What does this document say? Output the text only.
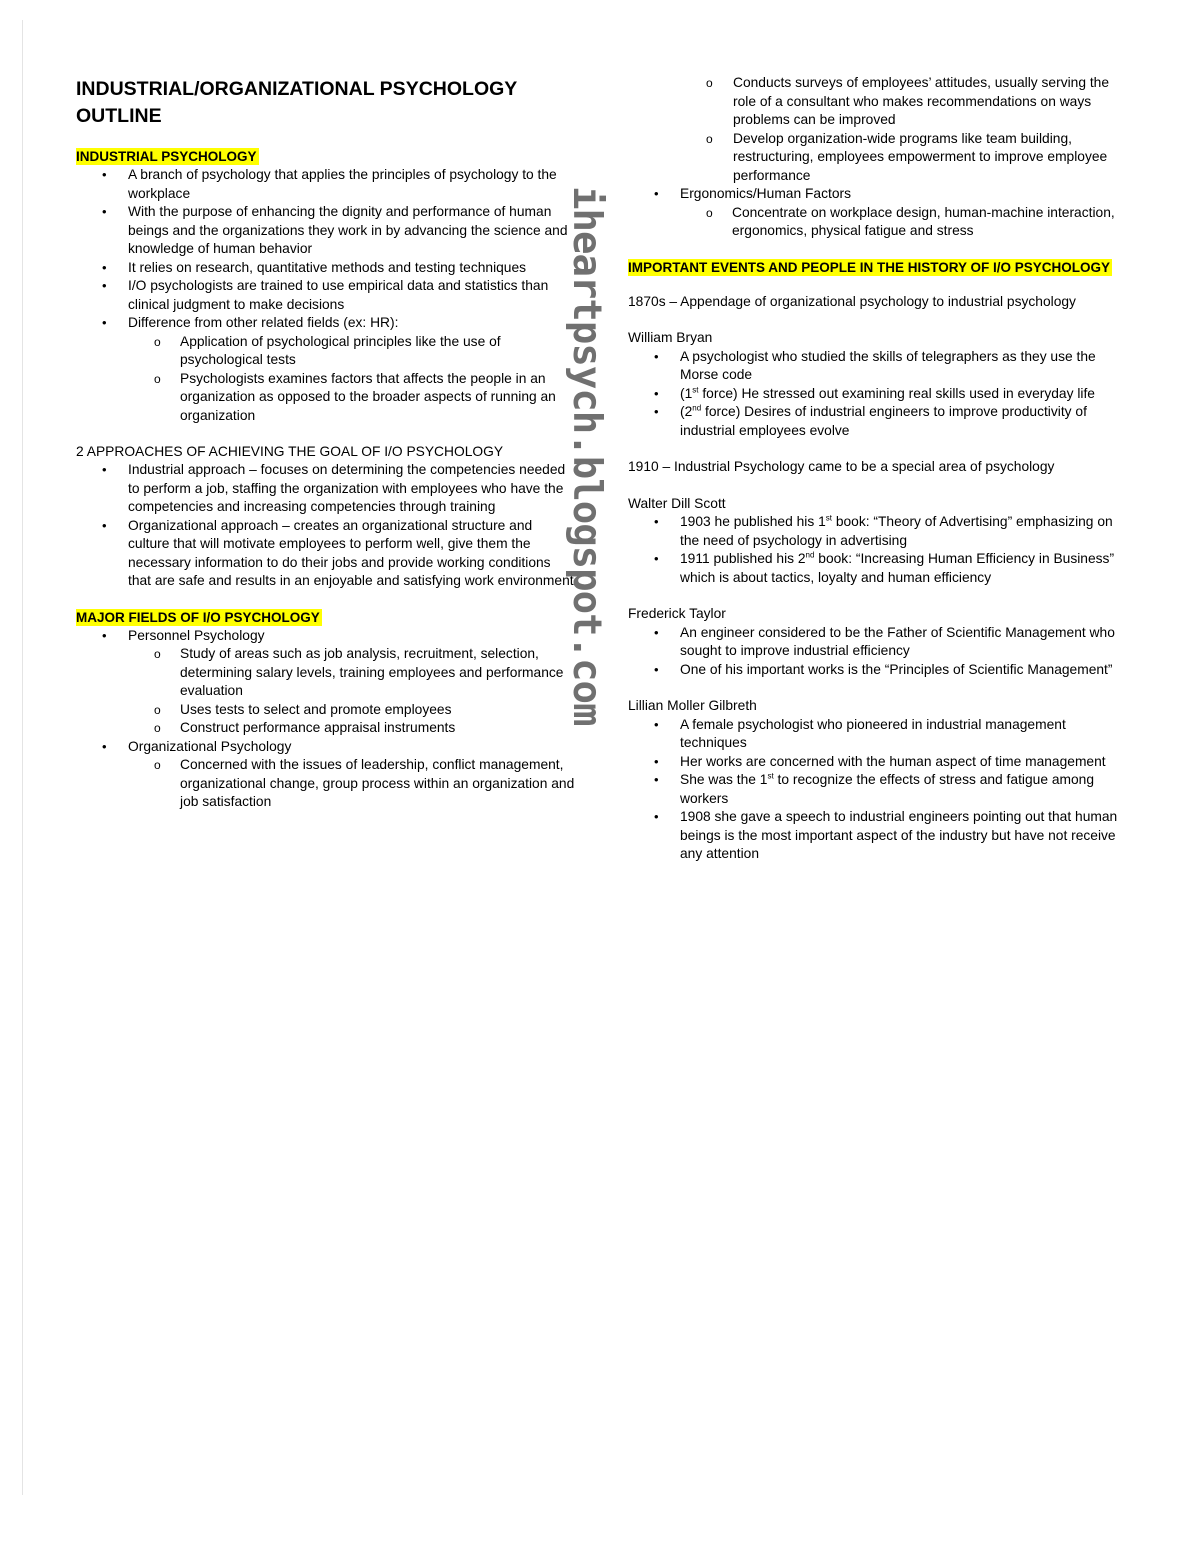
INDUSTRIAL/ORGANIZATIONAL PSYCHOLOGY OUTLINE
INDUSTRIAL PSYCHOLOGY
• A branch of psychology that applies the principles of psychology to the workplace
• With the purpose of enhancing the dignity and performance of human beings and the organizations they work in by advancing the science and knowledge of human behavior
• It relies on research, quantitative methods and testing techniques
• I/O psychologists are trained to use empirical data and statistics than clinical judgment to make decisions
• Difference from other related fields (ex: HR):
o Application of psychological principles like the use of psychological tests
o Psychologists examines factors that affects the people in an organization as opposed to the broader aspects of running an organization
2 APPROACHES OF ACHIEVING THE GOAL OF I/O PSYCHOLOGY
• Industrial approach – focuses on determining the competencies needed to perform a job, staffing the organization with employees who have the competencies and increasing competencies through training
• Organizational approach – creates an organizational structure and culture that will motivate employees to perform well, give them the necessary information to do their jobs and provide working conditions that are safe and results in an enjoyable and satisfying work environment
MAJOR FIELDS OF I/O PSYCHOLOGY
• Personnel Psychology
o Study of areas such as job analysis, recruitment, selection, determining salary levels, training employees and performance evaluation
o Uses tests to select and promote employees
o Construct performance appraisal instruments
• Organizational Psychology
o Concerned with the issues of leadership, conflict management, organizational change, group process within an organization and job satisfaction
iheartpsych.blogspot.com
o Conducts surveys of employees’ attitudes, usually serving the role of a consultant who makes recommendations on ways problems can be improved
o Develop organization-wide programs like team building, restructuring, employees empowerment to improve employee performance
• Ergonomics/Human Factors
o Concentrate on workplace design, human-machine interaction, ergonomics, physical fatigue and stress
IMPORTANT EVENTS AND PEOPLE IN THE HISTORY OF I/O PSYCHOLOGY
1870s – Appendage of organizational psychology to industrial psychology
William Bryan
• A psychologist who studied the skills of telegraphers as they use the Morse code
• (1st force) He stressed out examining real skills used in everyday life
• (2nd force) Desires of industrial engineers to improve productivity of industrial employees evolve
1910 – Industrial Psychology came to be a special area of psychology
Walter Dill Scott
• 1903 he published his 1st book: “Theory of Advertising” emphasizing on the need of psychology in advertising
• 1911 published his 2nd book: “Increasing Human Efficiency in Business” which is about tactics, loyalty and human efficiency
Frederick Taylor
• An engineer considered to be the Father of Scientific Management who sought to improve industrial efficiency
• One of his important works is the “Principles of Scientific Management”
Lillian Moller Gilbreth
• A female psychologist who pioneered in industrial management techniques
• Her works are concerned with the human aspect of time management
• She was the 1st to recognize the effects of stress and fatigue among workers
• 1908 she gave a speech to industrial engineers pointing out that human beings is the most important aspect of the industry but have not receive any attention
